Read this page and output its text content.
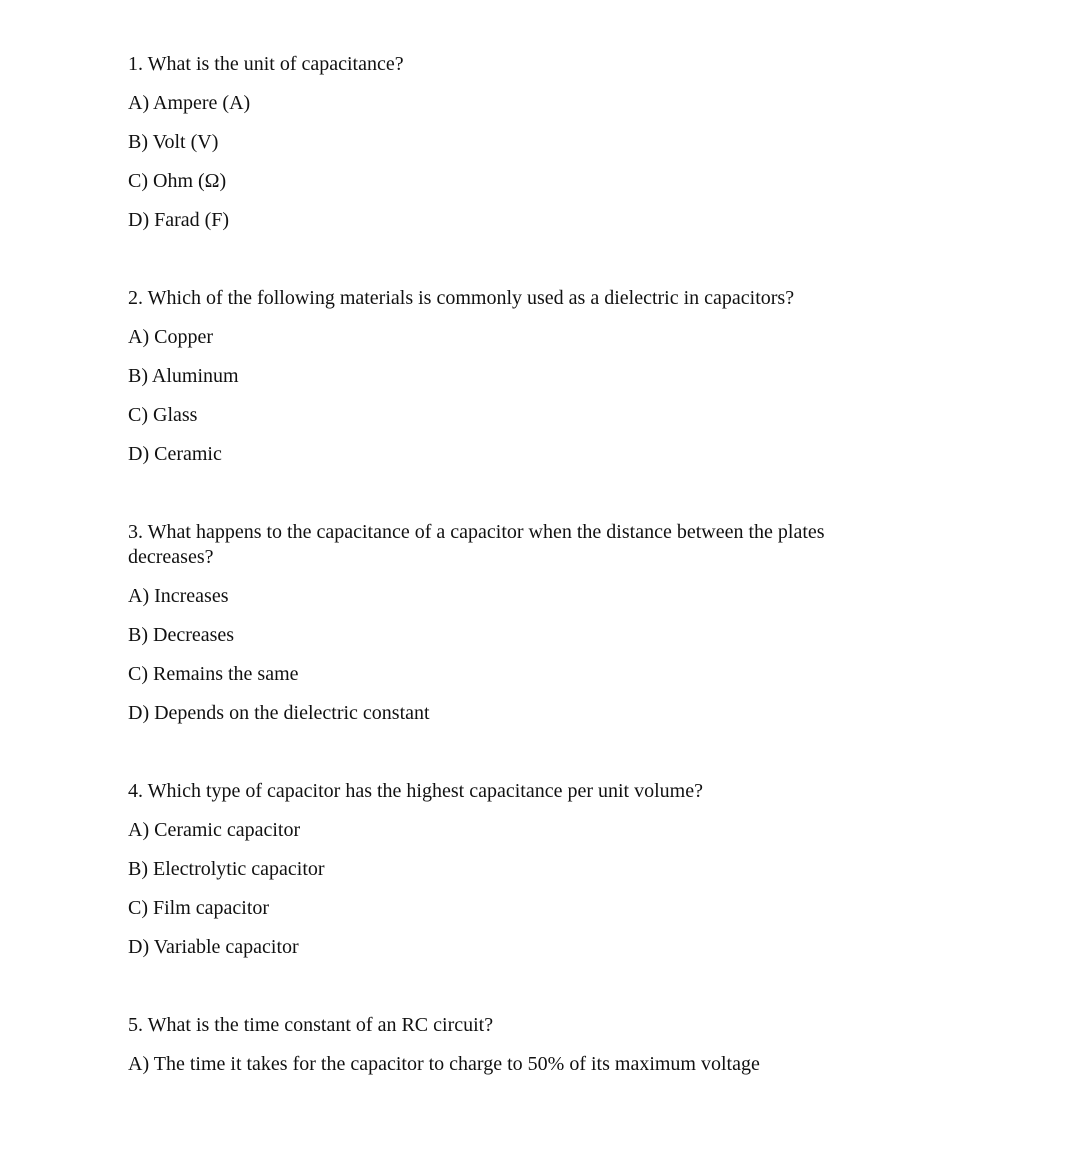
1. What is the unit of capacitance?
A) Ampere (A)
B) Volt (V)
C) Ohm (Ω)
D) Farad (F)
2. Which of the following materials is commonly used as a dielectric in capacitors?
A) Copper
B) Aluminum
C) Glass
D) Ceramic
3. What happens to the capacitance of a capacitor when the distance between the plates decreases?
A) Increases
B) Decreases
C) Remains the same
D) Depends on the dielectric constant
4. Which type of capacitor has the highest capacitance per unit volume?
A) Ceramic capacitor
B) Electrolytic capacitor
C) Film capacitor
D) Variable capacitor
5. What is the time constant of an RC circuit?
A) The time it takes for the capacitor to charge to 50% of its maximum voltage
